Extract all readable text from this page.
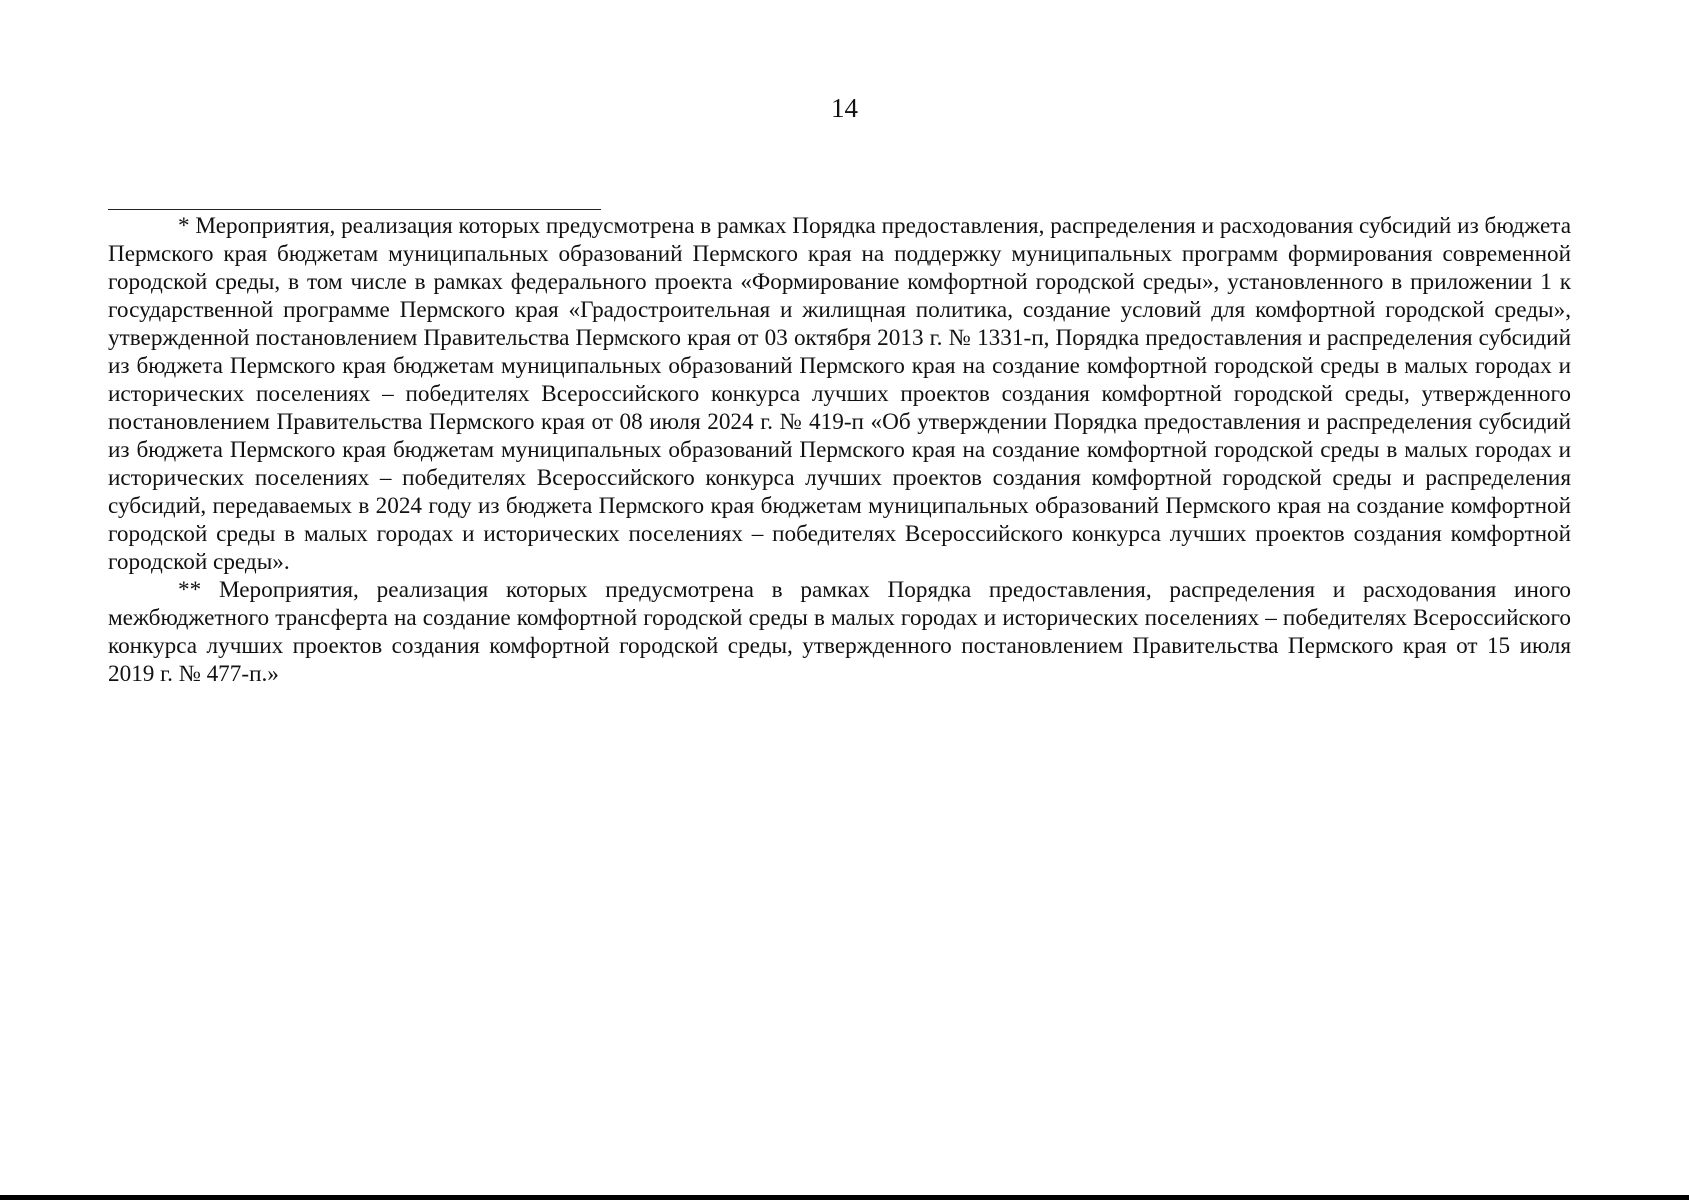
14

* Мероприятия, реализация которых предусмотрена в рамках Порядка предоставления, распределения и расходования субсидий из бюджета Пермского края бюджетам муниципальных образований Пермского края на поддержку муниципальных программ формирования современной городской среды, в том числе в рамках федерального проекта «Формирование комфортной городской среды», установленного в приложении 1 к государственной программе Пермского края «Градостроительная и жилищная политика, создание условий для комфортной городской среды», утвержденной постановлением Правительства Пермского края от 03 октября 2013 г. № 1331-п, Порядка предоставления и распределения субсидий из бюджета Пермского края бюджетам муниципальных образований Пермского края на создание комфортной городской среды в малых городах и исторических поселениях – победителях Всероссийского конкурса лучших проектов создания комфортной городской среды, утвержденного постановлением Правительства Пермского края от 08 июля 2024 г. № 419-п «Об утверждении Порядка предоставления и распределения субсидий из бюджета Пермского края бюджетам муниципальных образований Пермского края на создание комфортной городской среды в малых городах и исторических поселениях – победителях Всероссийского конкурса лучших проектов создания комфортной городской среды и распределения субсидий, передаваемых в 2024 году из бюджета Пермского края бюджетам муниципальных образований Пермского края на создание комфортной городской среды в малых городах и исторических поселениях – победителях Всероссийского конкурса лучших проектов создания комфортной городской среды».

** Мероприятия, реализация которых предусмотрена в рамках Порядка предоставления, распределения и расходования иного межбюджетного трансферта на создание комфортной городской среды в малых городах и исторических поселениях – победителях Всероссийского конкурса лучших проектов создания комфортной городской среды, утвержденного постановлением Правительства Пермского края от 15 июля 2019 г. № 477-п.»
